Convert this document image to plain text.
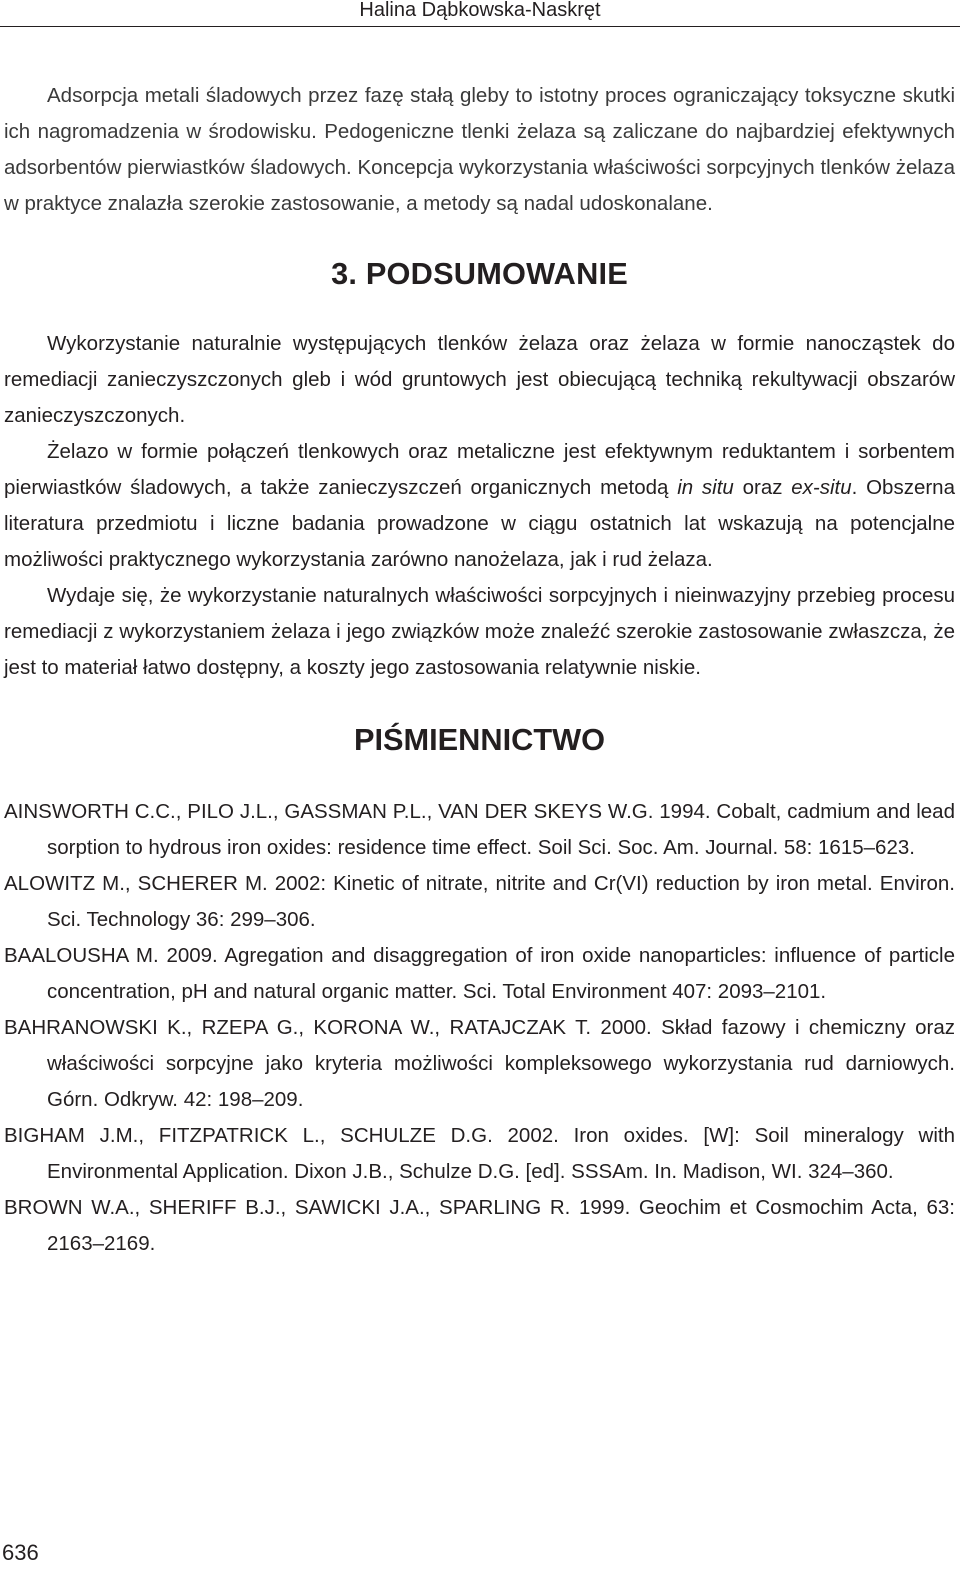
Halina Dąbkowska-Naskręt

Adsorpcja metali śladowych przez fazę stałą gleby to istotny proces ograniczający toksyczne skutki ich nagromadzenia w środowisku. Pedogeniczne tlenki żelaza są zaliczane do najbardziej efektywnych adsorbentów pierwiastków śladowych. Koncepcja wykorzystania właściwości sorpcyjnych tlenków żelaza w praktyce znalazła szerokie zastosowanie, a metody są nadal udoskonalane.

3. PODSUMOWANIE

Wykorzystanie naturalnie występujących tlenków żelaza oraz żelaza w formie nanocząstek do remediacji zanieczyszczonych gleb i wód gruntowych jest obiecującą techniką rekultywacji obszarów zanieczyszczonych.

Żelazo w formie połączeń tlenkowych oraz metaliczne jest efektywnym reduktantem i sorbentem pierwiastków śladowych, a także zanieczyszczeń organicznych metodą in situ oraz ex-situ. Obszerna literatura przedmiotu i liczne badania prowadzone w ciągu ostatnich lat wskazują na potencjalne możliwości praktycznego wykorzystania zarówno nanożelaza, jak i rud żelaza.

Wydaje się, że wykorzystanie naturalnych właściwości sorpcyjnych i nieinwazyjny przebieg procesu remediacji z wykorzystaniem żelaza i jego związków może znaleźć szerokie zastosowanie zwłaszcza, że jest to materiał łatwo dostępny, a koszty jego zastosowania relatywnie niskie.

PIŚMIENNICTWO

AINSWORTH C.C., PILO J.L., GASSMAN P.L., VAN DER SKEYS W.G. 1994. Cobalt, cadmium and lead sorption to hydrous iron oxides: residence time effect. Soil Sci. Soc. Am. Journal. 58: 1615–623.

ALOWITZ M., SCHERER M. 2002: Kinetic of nitrate, nitrite and Cr(VI) reduction by iron metal. Environ. Sci. Technology 36: 299–306.

BAALOUSHA M. 2009. Agregation and disaggregation of iron oxide nanoparticles: influence of particle concentration, pH and natural organic matter. Sci. Total Environment 407: 2093–2101.

BAHRANOWSKI K., RZEPA G., KORONA W., RATAJCZAK T. 2000. Skład fazowy i chemiczny oraz właściwości sorpcyjne jako kryteria możliwości kompleksowego wykorzystania rud darniowych. Górn. Odkryw. 42: 198–209.

BIGHAM J.M., FITZPATRICK L., SCHULZE D.G. 2002. Iron oxides. [W]: Soil mineralogy with Environmental Application. Dixon J.B., Schulze D.G. [ed]. SSSAm. In. Madison, WI. 324–360.

BROWN W.A., SHERIFF B.J., SAWICKI J.A., SPARLING R. 1999. Geochim et Cosmochim Acta, 63: 2163–2169.

636
